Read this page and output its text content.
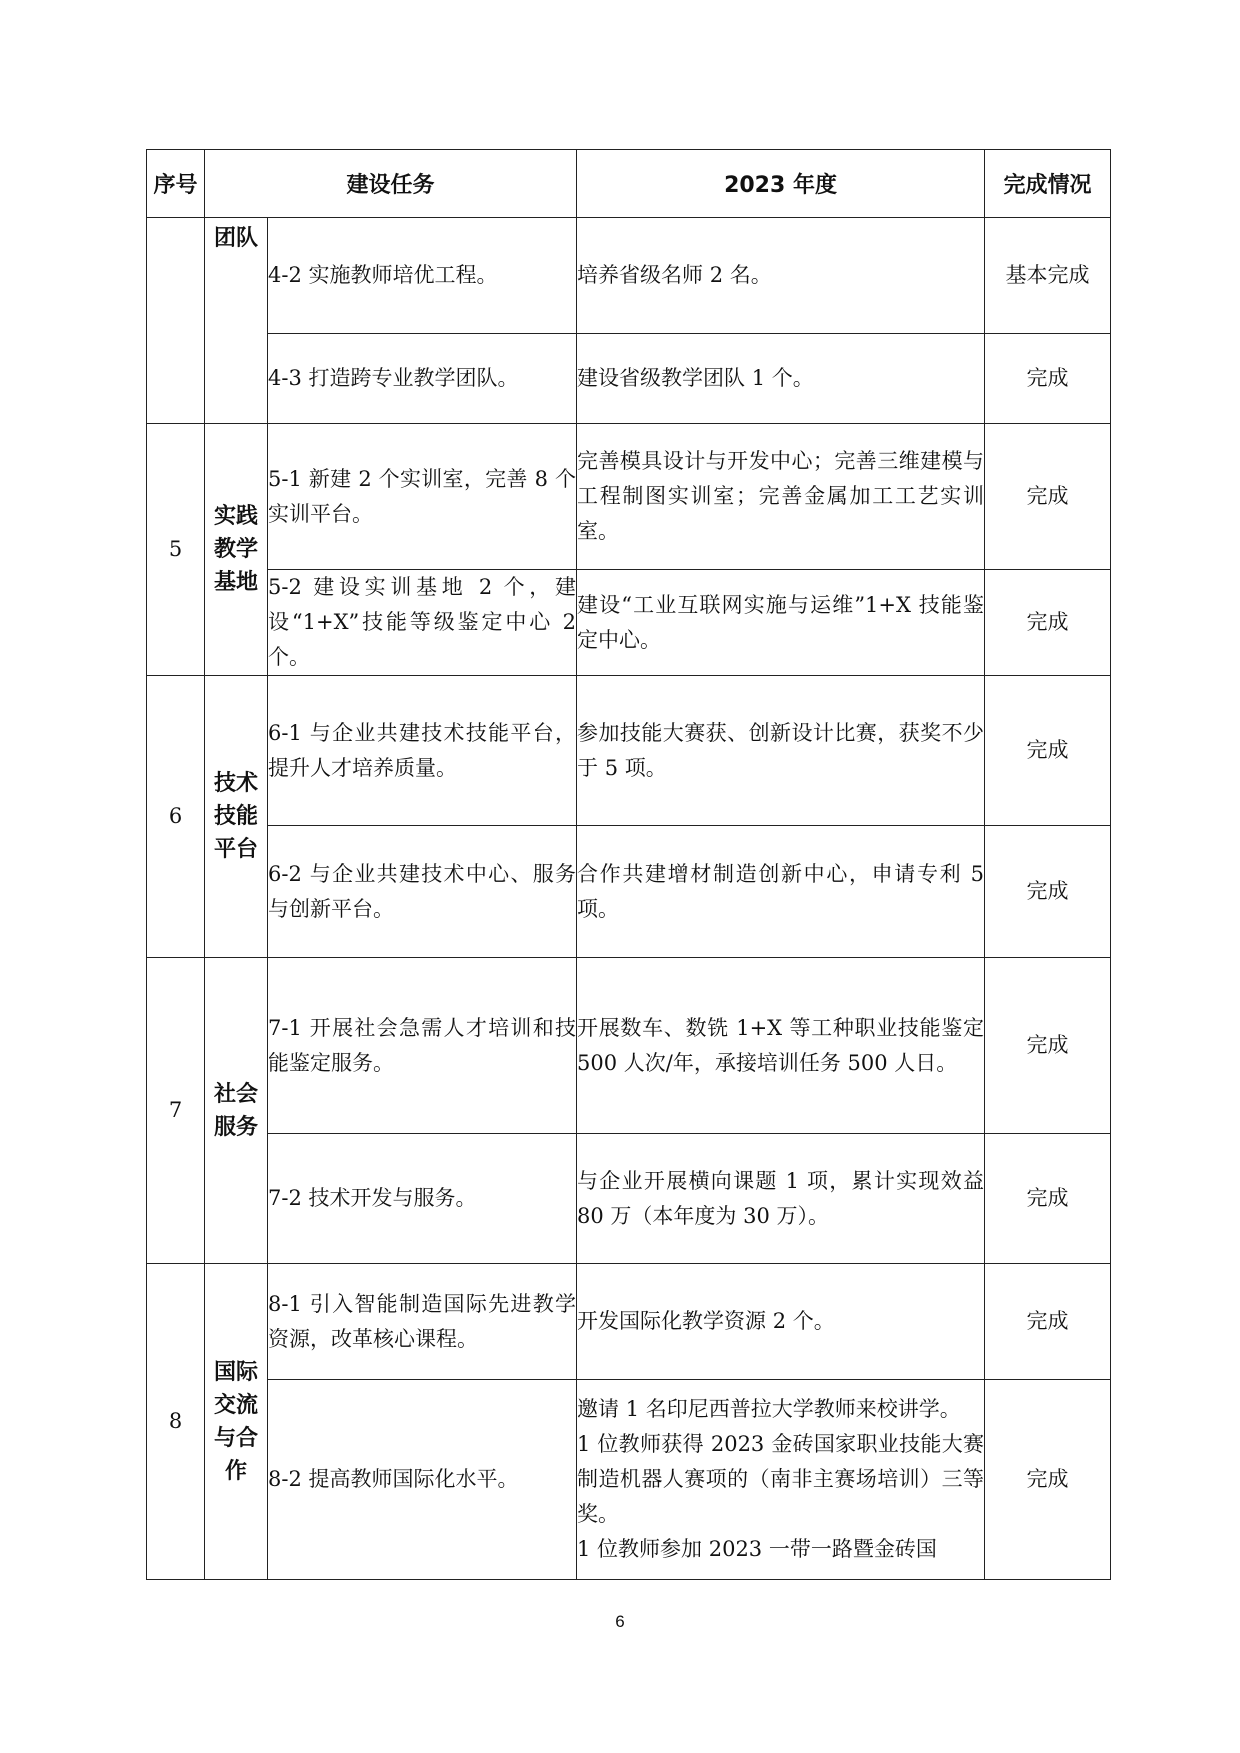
序号	建设任务		2023 年度	完成情况
	团队	4-2 实施教师培优工程。	培养省级名师 2 名。	基本完成
		4-3 打造跨专业教学团队。	建设省级教学团队 1 个。	完成
5	实践教学基地	5-1 新建 2 个实训室，完善 8 个实训平台。	完善模具设计与开发中心；完善三维建模与工程制图实训室；完善金属加工工艺实训室。	完成
		5-2 建设实训基地 2 个，建设“1+X”技能等级鉴定中心 2 个。	建设“工业互联网实施与运维”1+X 技能鉴定中心。	完成
6	技术技能平台	6-1 与企业共建技术技能平台，提升人才培养质量。	参加技能大赛获、创新设计比赛，获奖不少于 5 项。	完成
		6-2 与企业共建技术中心、服务与创新平台。	合作共建增材制造创新中心，申请专利 5 项。	完成
7	社会服务	7-1 开展社会急需人才培训和技能鉴定服务。	开展数车、数铣 1+X 等工种职业技能鉴定 500 人次/年，承接培训任务 500 人日。	完成
		7-2 技术开发与服务。	与企业开展横向课题 1 项，累计实现效益 80 万（本年度为 30 万）。	完成
8	国际交流与合作	8-1 引入智能制造国际先进教学资源，改革核心课程。	开发国际化教学资源 2 个。	完成
		8-2 提高教师国际化水平。	邀请 1 名印尼西普拉大学教师来校讲学。
1 位教师获得 2023 金砖国家职业技能大赛制造机器人赛项的（南非主赛场培训）三等奖。
1 位教师参加 2023 一带一路暨金砖国	完成
6
